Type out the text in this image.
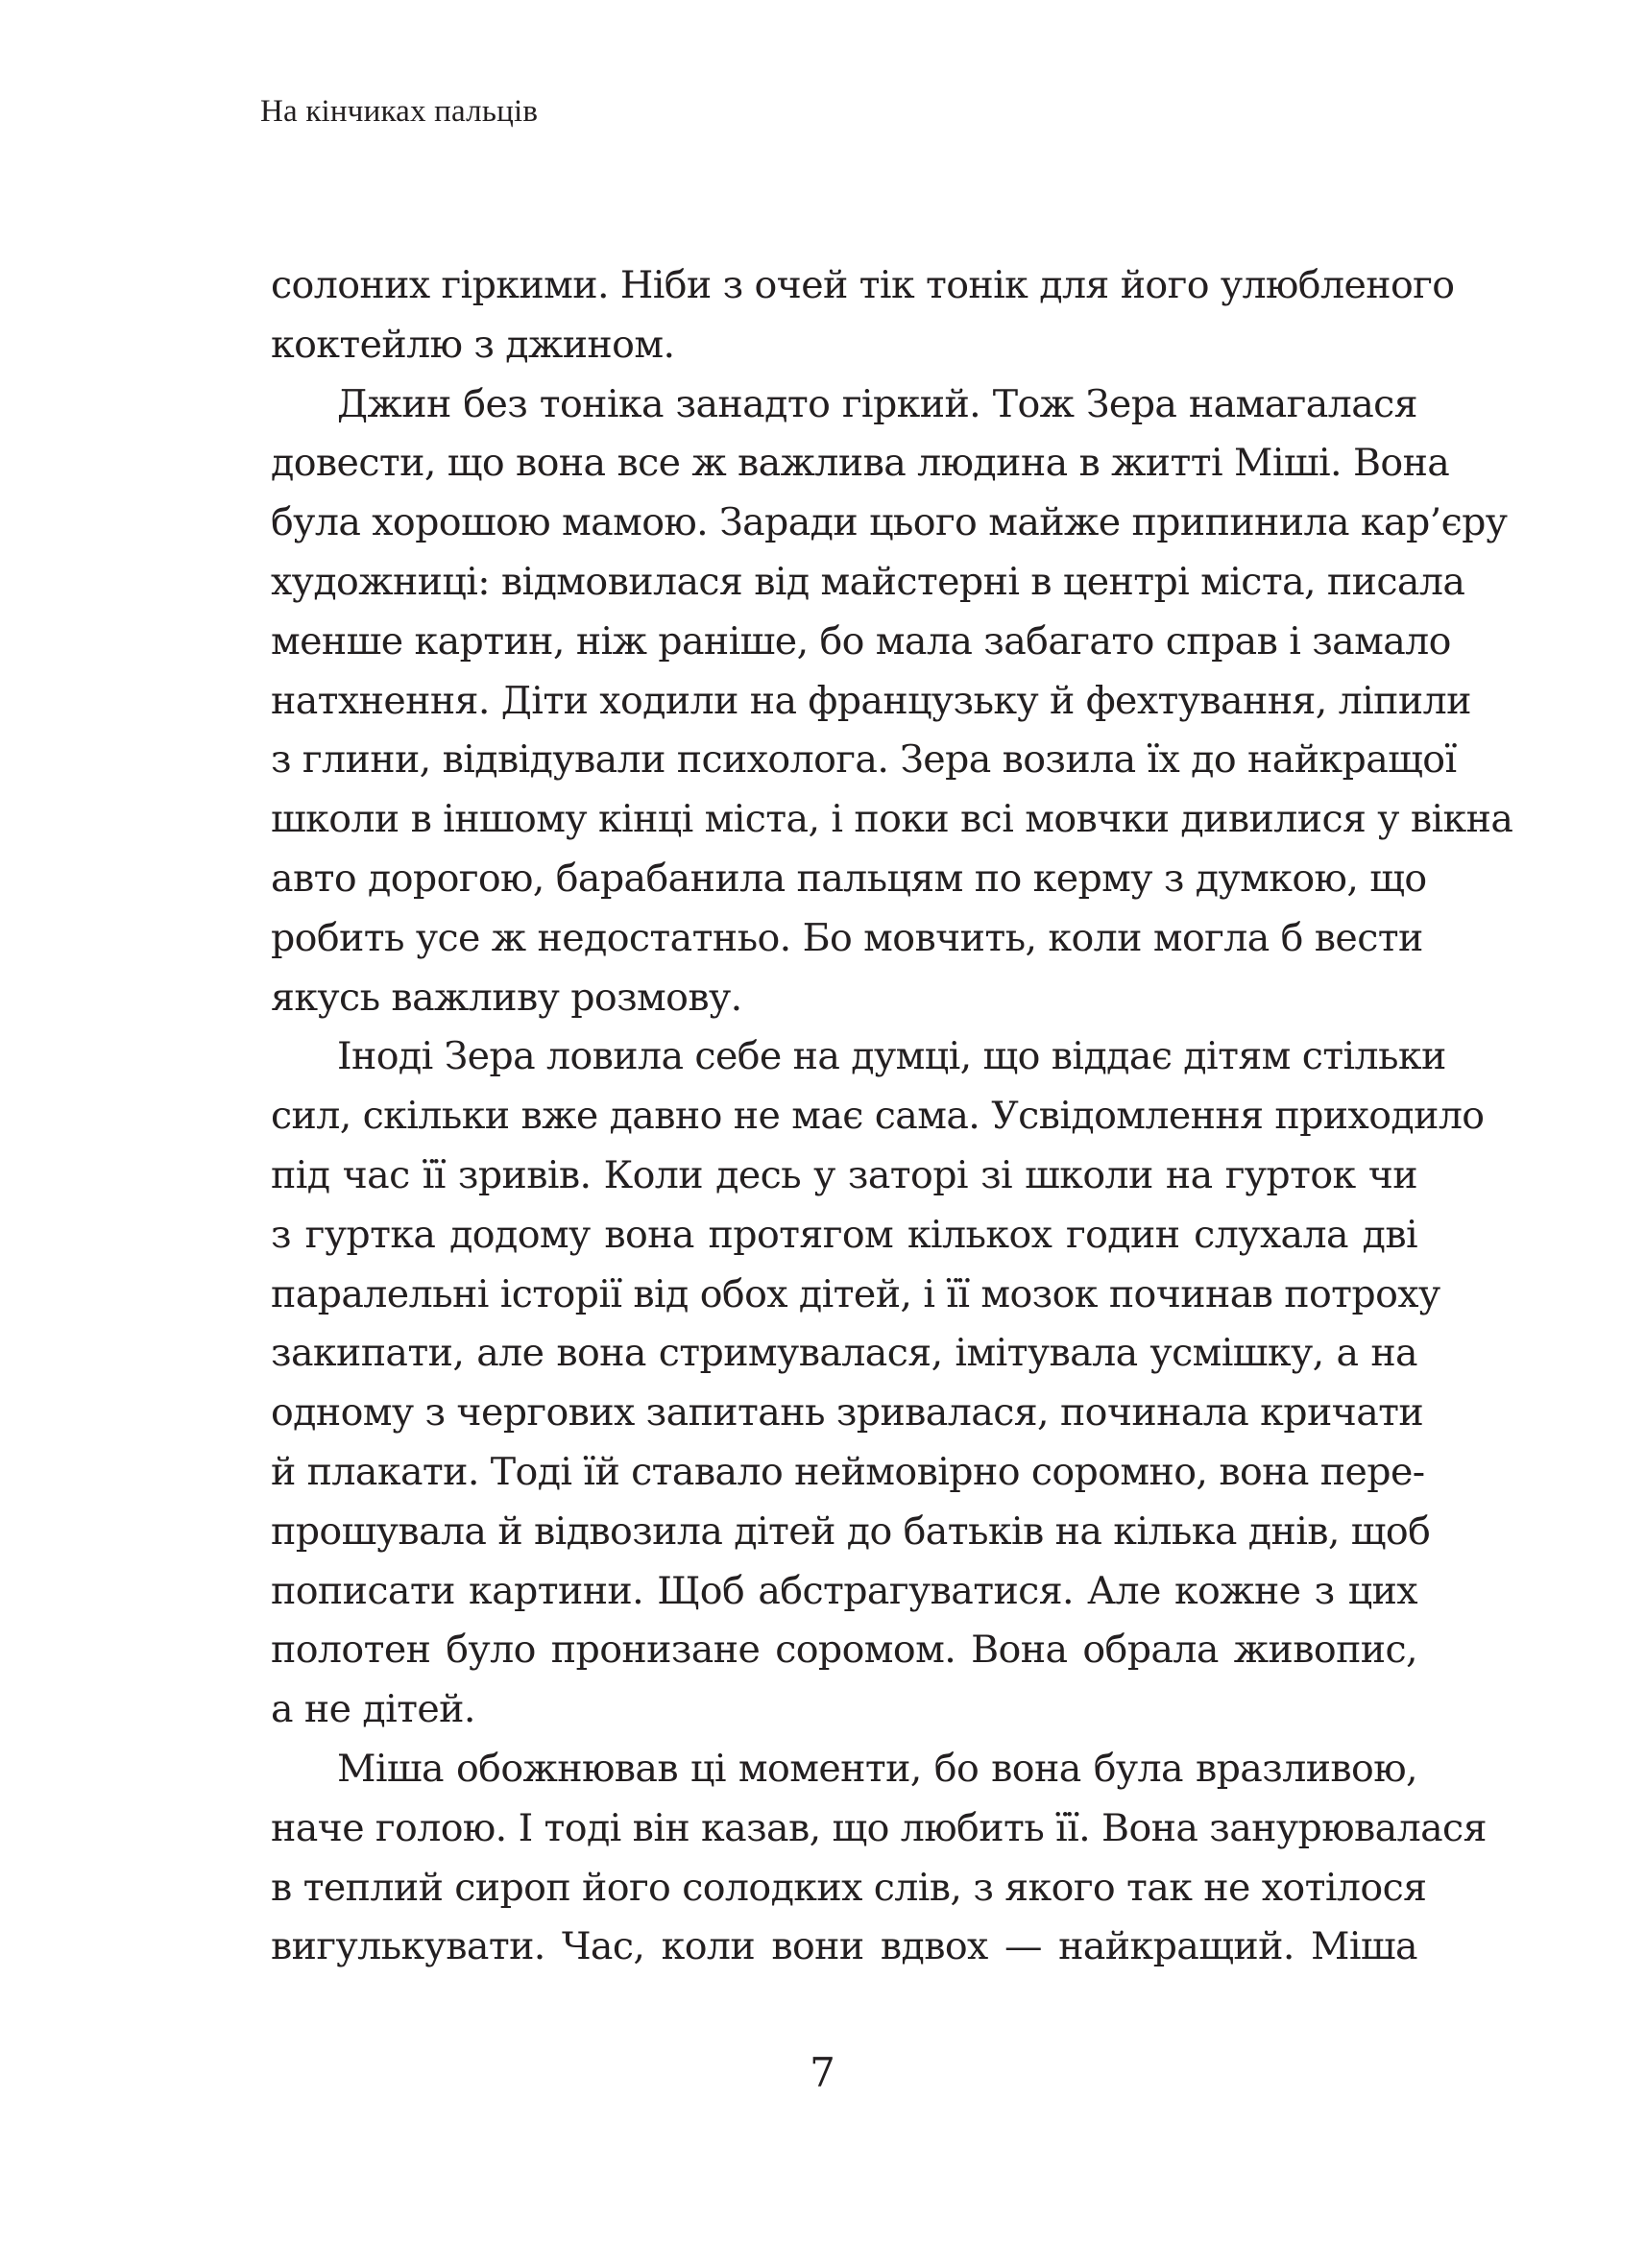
На кінчиках пальців
солоних гіркими. Ніби з очей тік тонік для його улюбленого
коктейлю з джином.
Джин без тоніка занадто гіркий. Тож Зера намагалася
довести, що вона все ж важлива людина в житті Міші. Вона
була хорошою мамою. Заради цього майже припинила кар’єру
художниці: відмовилася від майстерні в центрі міста, писала
менше картин, ніж раніше, бо мала забагато справ і замало
натхнення. Діти ходили на французьку й фехтування, ліпили
з глини, відвідували психолога. Зера возила їх до найкращої
школи в іншому кінці міста, і поки всі мовчки дивилися у вікна
авто дорогою, барабанила пальцям по керму з думкою, що
робить усе ж недостатньо. Бо мовчить, коли могла б вести
якусь важливу розмову.
Іноді Зера ловила себе на думці, що віддає дітям стільки
сил, скільки вже давно не має сама. Усвідомлення приходило
під час її зривів. Коли десь у заторі зі школи на гурток чи
з гуртка додому вона протягом кількох годин слухала дві
паралельні історії від обох дітей, і її мозок починав потроху
закипати, але вона стримувалася, імітувала усмішку, а на
одному з чергових запитань зривалася, починала кричати
й плакати. Тоді їй ставало неймовірно соромно, вона пере-
прошувала й відвозила дітей до батьків на кілька днів, щоб
пописати картини. Щоб абстрагуватися. Але кожне з цих
полотен було пронизане соромом. Вона обрала живопис,
а не дітей.
Міша обожнював ці моменти, бо вона була вразливою,
наче голою. І тоді він казав, що любить її. Вона занурювалася
в теплий сироп його солодких слів, з якого так не хотілося
вигулькувати. Час, коли вони вдвох — найкращий. Міша
7
